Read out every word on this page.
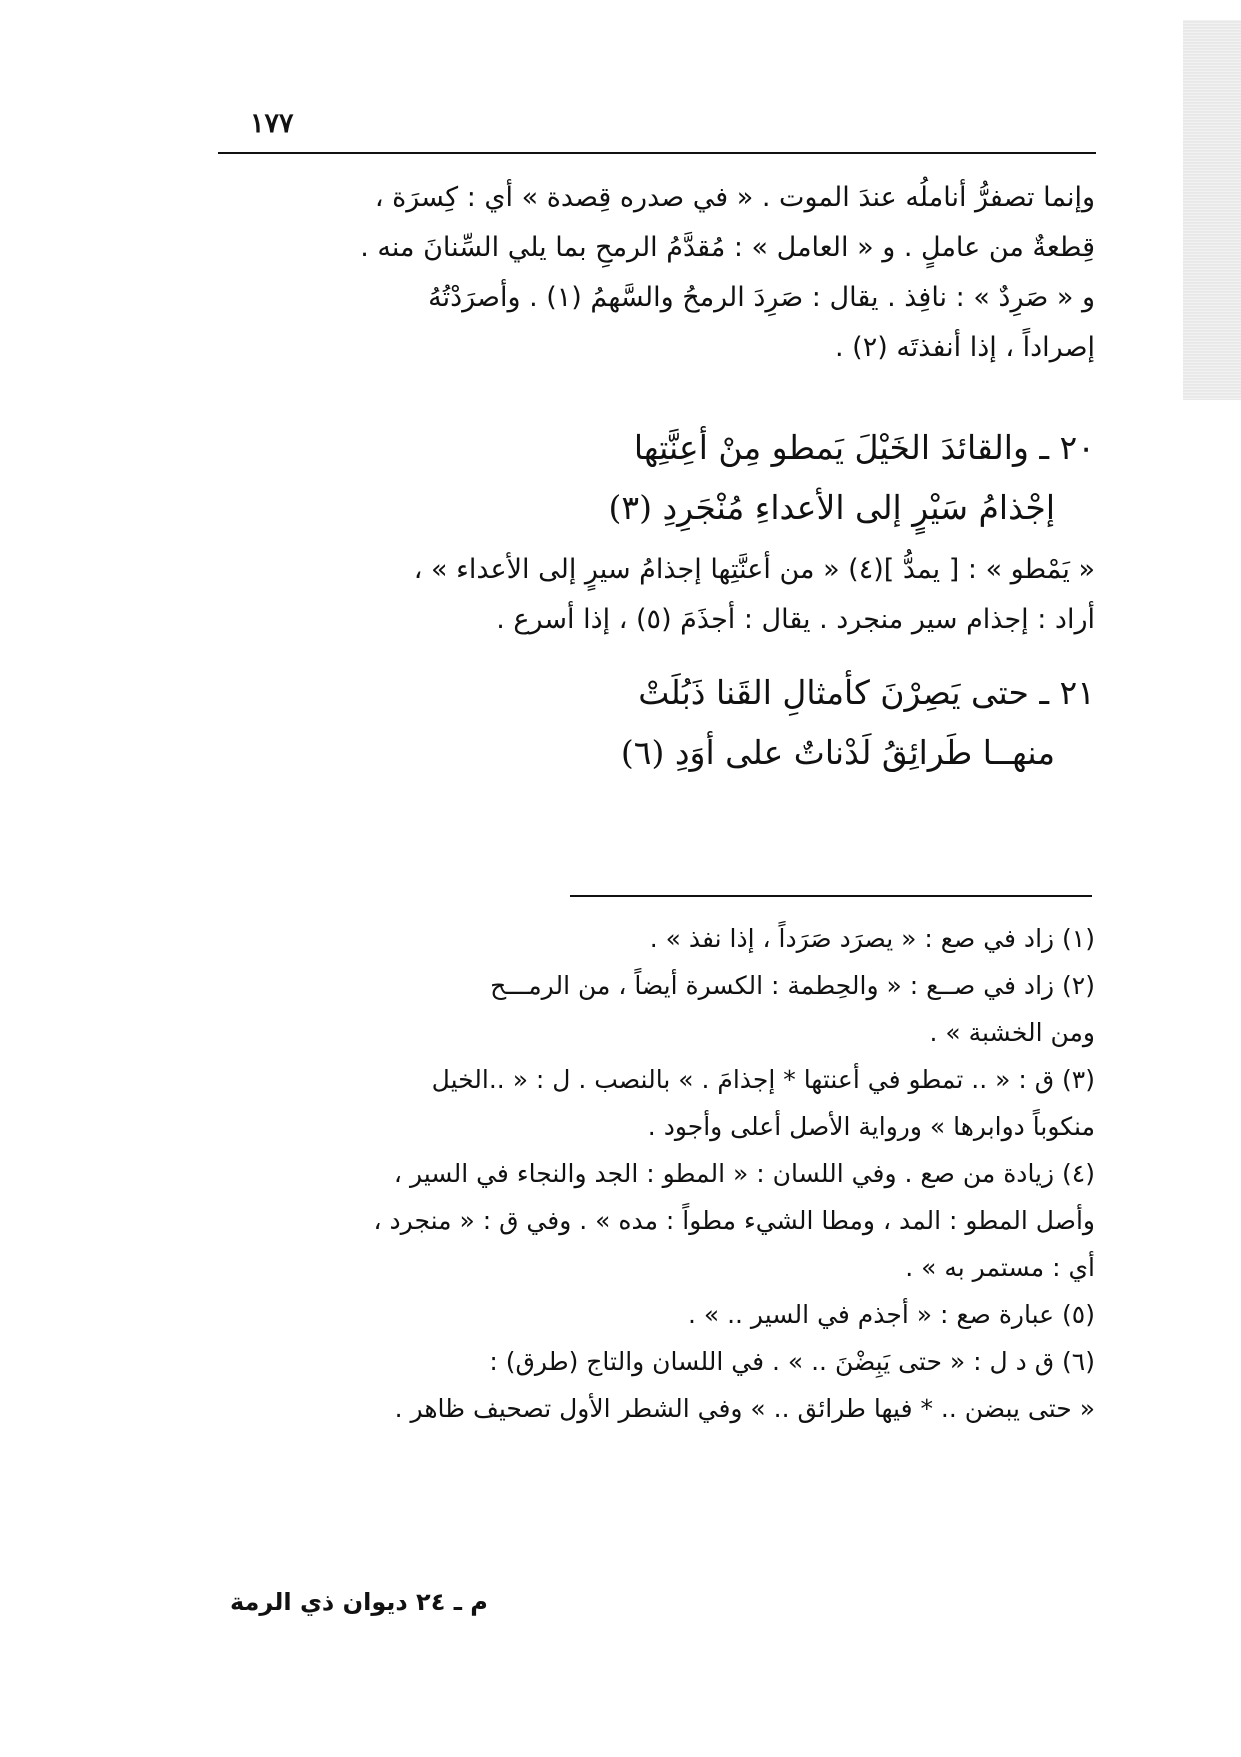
١٧٧

وإنما تصفرُّ أناملُه عندَ الموت . « في صدره قِصدة » أي : كِسرَة ،

قِطعةٌ من عاملٍ . و « العامل » : مُقدَّمُ الرمحِ بما يلي السِّنانَ منه .

و « صَرِدٌ » : نافِذ . يقال : صَرِدَ الرمحُ والسَّهمُ (١) . وأصرَدْتُهُ

إصراداً ، إذا أنفذتَه (٢) .

٢٠ ـ والقائدَ الخَيْلَ يَمطو مِنْ أعِنَّتِها

إجْذامُ سَيْرٍ إلى الأعداءِ مُنْجَرِدِ (٣)

« يَمْطو » : [ يمدُّ ](٤) « من أعنَّتِها إجذامُ سيرٍ إلى الأعداء » ،

أراد : إجذام سير منجرد . يقال : أجذَمَ (٥) ، إذا أسرع .

٢١ ـ حتى يَصِرْنَ كأمثالِ القَنا ذَبُلَتْ

منهــا طَرائِقُ لَدْناتٌ على أوَدِ (٦)

(١) زاد في صع : « يصرَد صَرَداً ، إذا نفذ » .

(٢) زاد في صــع : « والحِطمة : الكسرة أيضاً ، من الرمـــح

ومن الخشبة » .

(٣) ق : « .. تمطو في أعنتها * إجذامَ . » بالنصب . ل : « ..الخيل

منكوباً دوابرها » ورواية الأصل أعلى وأجود .

(٤) زيادة من صع . وفي اللسان : « المطو : الجد والنجاء في السير ،

وأصل المطو : المد ، ومطا الشيء مطواً : مده » . وفي ق : « منجرد ،

أي : مستمر به » .

(٥) عبارة صع : « أجذم في السير .. » .

(٦) ق د ل : « حتى يَبِضْنَ .. » . في اللسان والتاج (طرق) :

« حتى يبضن .. * فيها طرائق .. » وفي الشطر الأول تصحيف ظاهر .

م ـ ٢٤ ديوان ذي الرمة
